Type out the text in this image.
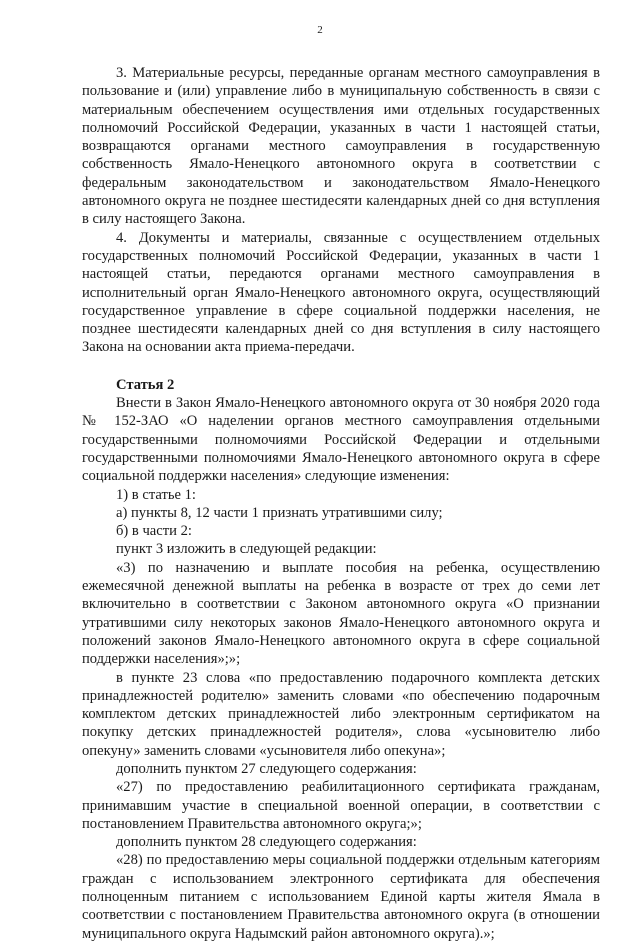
2

3. Материальные ресурсы, переданные органам местного самоуправления в пользование и (или) управление либо в муниципальную собственность в связи с материальным обеспечением осуществления ими отдельных государственных полномочий Российской Федерации, указанных в части 1 настоящей статьи, возвращаются органами местного самоуправления в государственную собственность Ямало-Ненецкого автономного округа в соответствии с федеральным законодательством и законодательством Ямало-Ненецкого автономного округа не позднее шестидесяти календарных дней со дня вступления в силу настоящего Закона.

4. Документы и материалы, связанные с осуществлением отдельных государственных полномочий Российской Федерации, указанных в части 1 настоящей статьи, передаются органами местного самоуправления в исполнительный орган Ямало-Ненецкого автономного округа, осуществляющий государственное управление в сфере социальной поддержки населения, не позднее шестидесяти календарных дней со дня вступления в силу настоящего Закона на основании акта приема-передачи.

Статья 2

Внести в Закон Ямало-Ненецкого автономного округа от 30 ноября 2020 года № 152-ЗАО «О наделении органов местного самоуправления отдельными государственными полномочиями Российской Федерации и отдельными государственными полномочиями Ямало-Ненецкого автономного округа в сфере социальной поддержки населения» следующие изменения:

1) в статье 1:

а) пункты 8, 12 части 1 признать утратившими силу;

б) в части 2:

пункт 3 изложить в следующей редакции:

«3) по назначению и выплате пособия на ребенка, осуществлению ежемесячной денежной выплаты на ребенка в возрасте от трех до семи лет включительно в соответствии с Законом автономного округа «О признании утратившими силу некоторых законов Ямало-Ненецкого автономного округа и положений законов Ямало-Ненецкого автономного округа в сфере социальной поддержки населения»;»;

в пункте 23 слова «по предоставлению подарочного комплекта детских принадлежностей родителю» заменить словами «по обеспечению подарочным комплектом детских принадлежностей либо электронным сертификатом на покупку детских принадлежностей родителя», слова «усыновителю либо опекуну» заменить словами «усыновителя либо опекуна»;

дополнить пунктом 27 следующего содержания:

«27) по предоставлению реабилитационного сертификата гражданам, принимавшим участие в специальной военной операции, в соответствии с постановлением Правительства автономного округа;»;

дополнить пунктом 28 следующего содержания:

«28) по предоставлению меры социальной поддержки отдельным категориям граждан с использованием электронного сертификата для обеспечения полноценным питанием с использованием Единой карты жителя Ямала в соответствии с постановлением Правительства автономного округа (в отношении муниципального округа Надымский район автономного округа).»;
